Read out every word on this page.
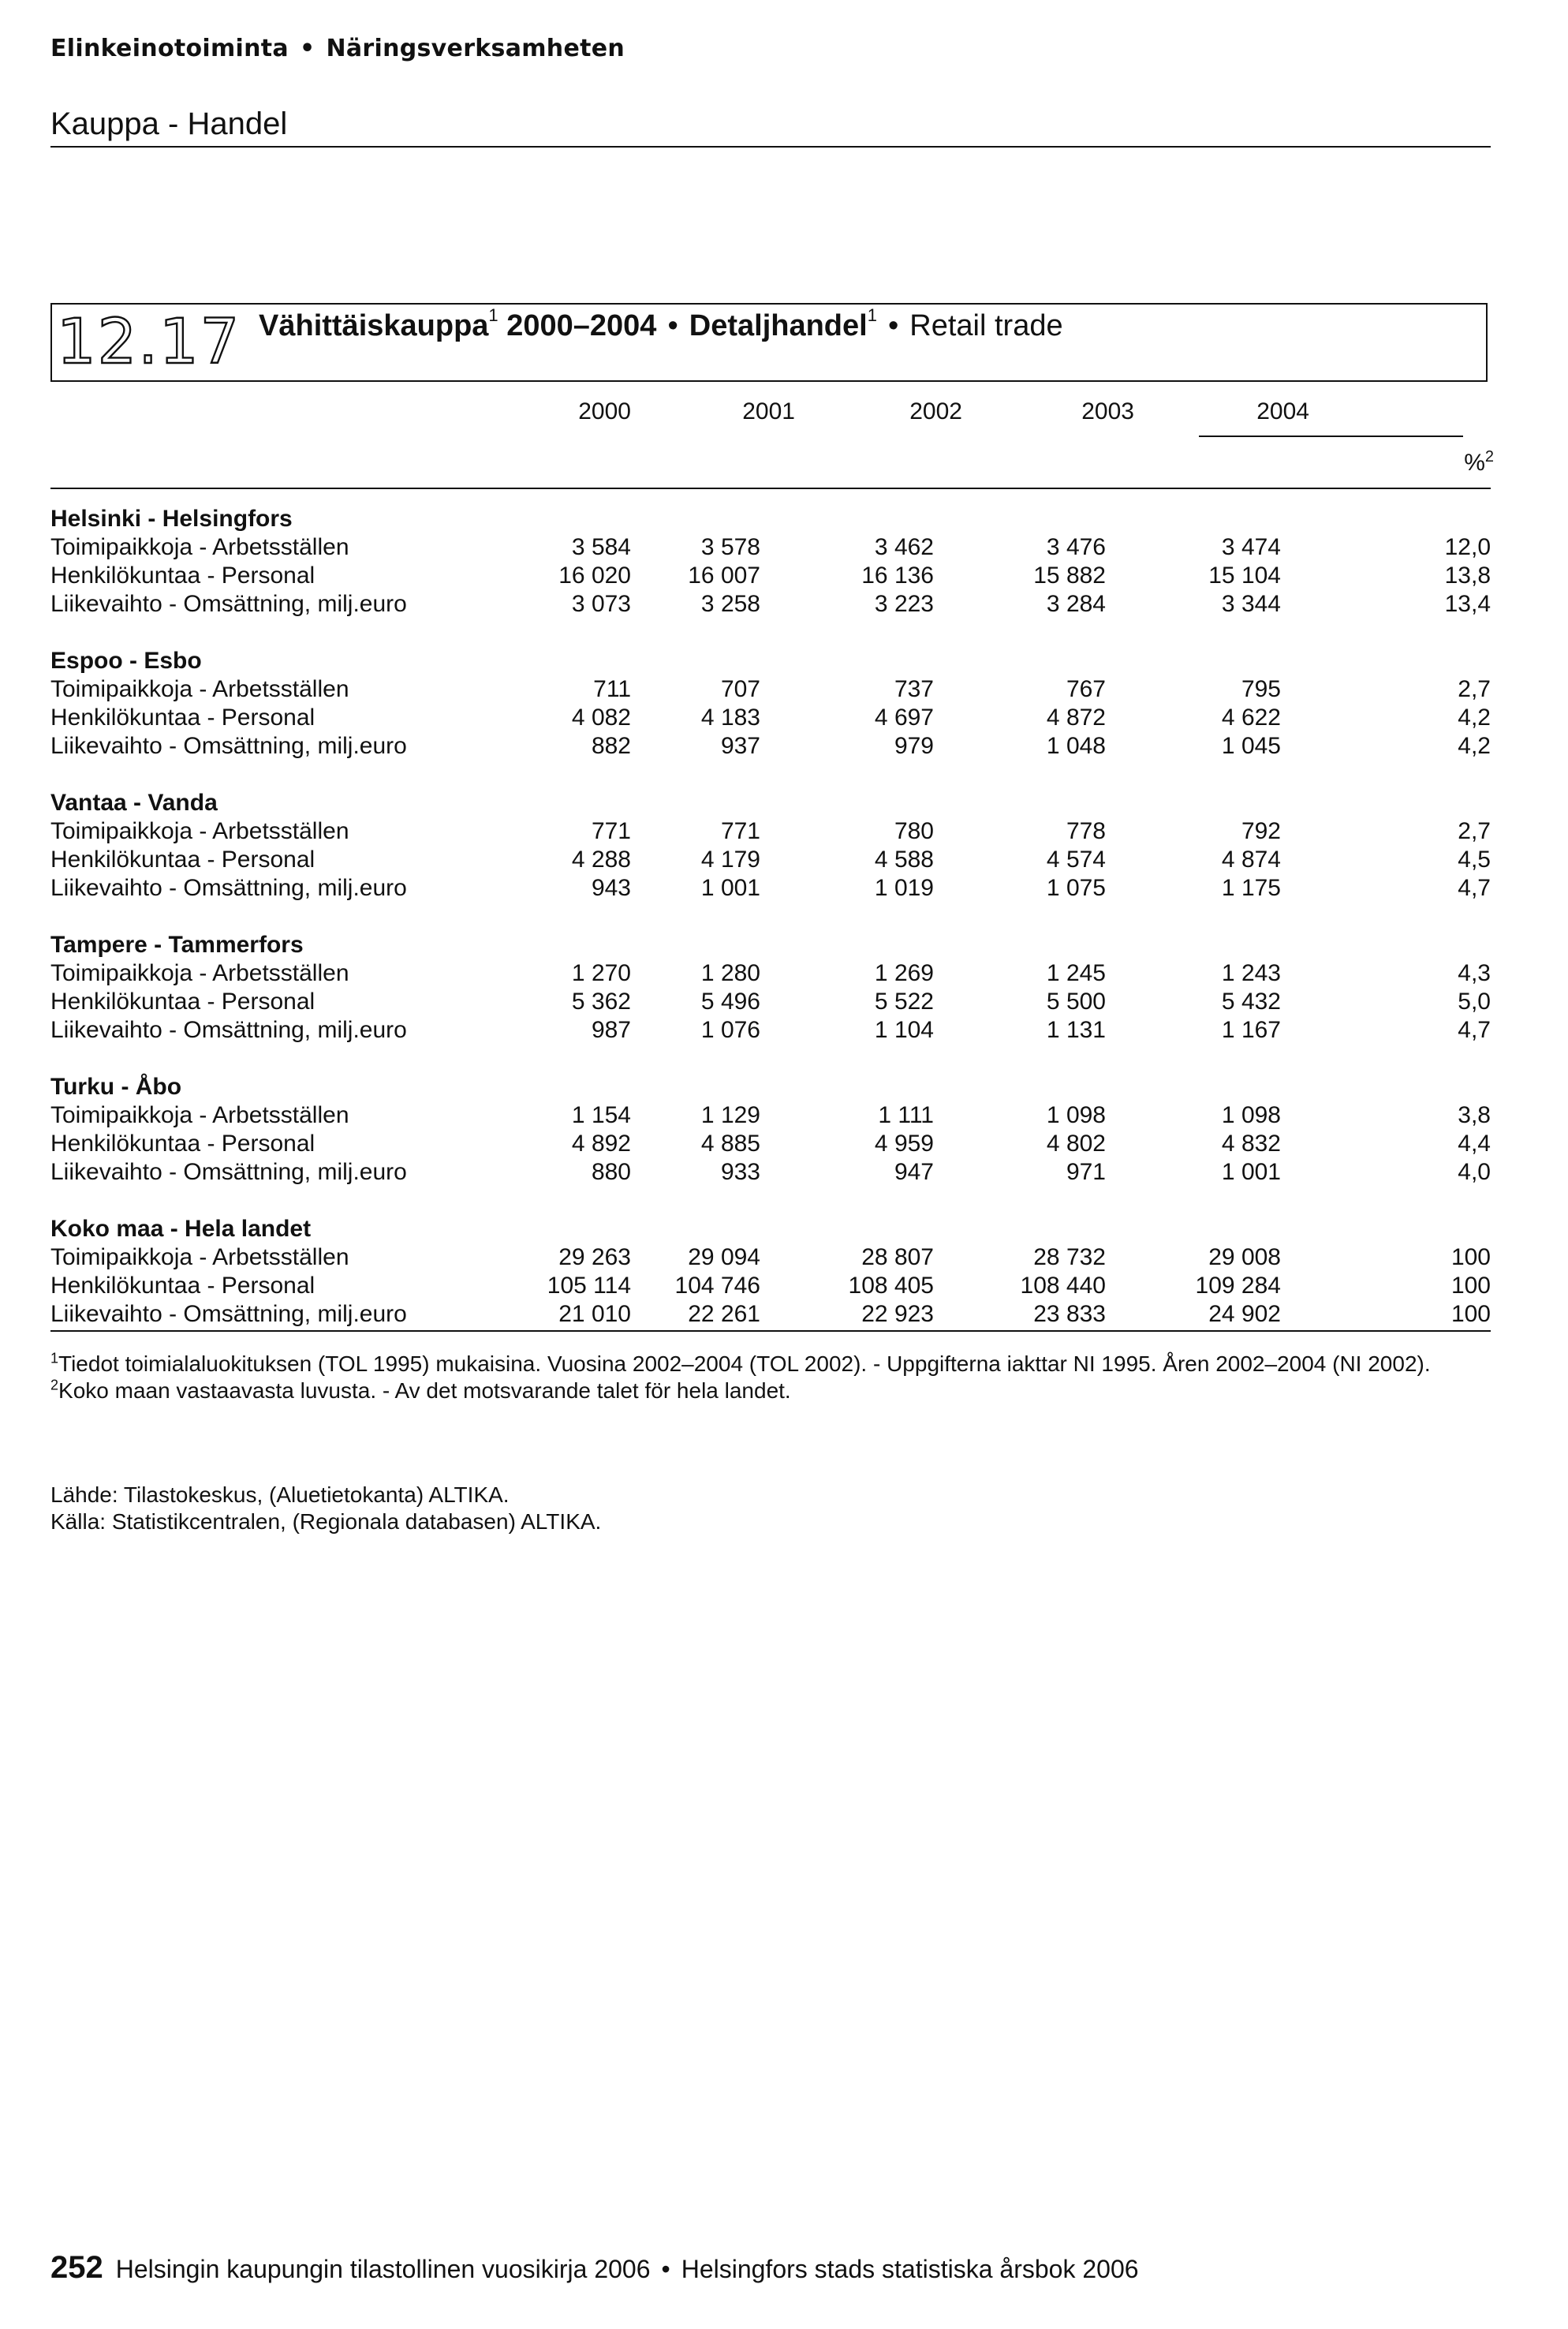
Elinkeinotoiminta • Näringsverksamheten
Kauppa - Handel
12.17 Vähittäiskauppa$^1$ 2000–2004 • Detaljhandel$^1$ • Retail trade
2000	2001	2002	2003	2004
%$^2$
Helsinki - Helsingfors
Toimipaikkoja - Arbetsställen	3 584	3 578	3 462	3 476	3 474	12,0
Henkilökuntaa - Personal	16 020	16 007	16 136	15 882	15 104	13,8
Liikevaihto - Omsättning, milj.euro	3 073	3 258	3 223	3 284	3 344	13,4
Espoo - Esbo
Toimipaikkoja - Arbetsställen	711	707	737	767	795	2,7
Henkilökuntaa - Personal	4 082	4 183	4 697	4 872	4 622	4,2
Liikevaihto - Omsättning, milj.euro	882	937	979	1 048	1 045	4,2
Vantaa - Vanda
Toimipaikkoja - Arbetsställen	771	771	780	778	792	2,7
Henkilökuntaa - Personal	4 288	4 179	4 588	4 574	4 874	4,5
Liikevaihto - Omsättning, milj.euro	943	1 001	1 019	1 075	1 175	4,7
Tampere - Tammerfors
Toimipaikkoja - Arbetsställen	1 270	1 280	1 269	1 245	1 243	4,3
Henkilökuntaa - Personal	5 362	5 496	5 522	5 500	5 432	5,0
Liikevaihto - Omsättning, milj.euro	987	1 076	1 104	1 131	1 167	4,7
Turku - Åbo
Toimipaikkoja - Arbetsställen	1 154	1 129	1 111	1 098	1 098	3,8
Henkilökuntaa - Personal	4 892	4 885	4 959	4 802	4 832	4,4
Liikevaihto - Omsättning, milj.euro	880	933	947	971	1 001	4,0
Koko maa - Hela landet
Toimipaikkoja - Arbetsställen	29 263	29 094	28 807	28 732	29 008	100
Henkilökuntaa - Personal	105 114	104 746	108 405	108 440	109 284	100
Liikevaihto - Omsättning, milj.euro	21 010	22 261	22 923	23 833	24 902	100
$^1$Tiedot toimialaluokituksen (TOL 1995) mukaisina. Vuosina 2002–2004 (TOL 2002). - Uppgifterna iakttar NI 1995. Åren 2002–2004 (NI 2002).
$^2$Koko maan vastaavasta luvusta. - Av det motsvarande talet för hela landet.
Lähde: Tilastokeskus, (Aluetietokanta) ALTIKA.
Källa: Statistikcentralen, (Regionala databasen) ALTIKA.
252 Helsingin kaupungin tilastollinen vuosikirja 2006 • Helsingfors stads statistiska årsbok 2006
